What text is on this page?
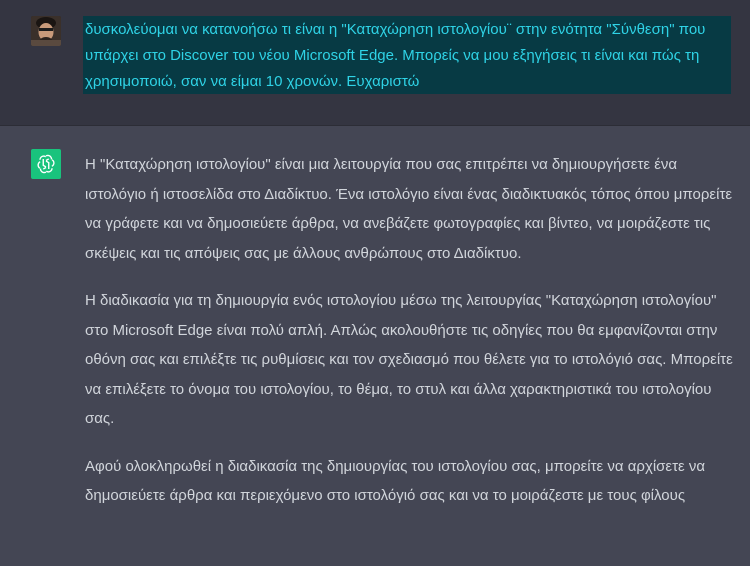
δυσκολεύομαι να κατανοήσω τι είναι η "Καταχώρηση ιστολογίου¨ στην ενότητα "Σύνθεση" που υπάρχει στο Discover του νέου Microsoft Edge. Μπορείς να μου εξηγήσεις τι είναι και πώς τη χρησιμοποιώ, σαν να είμαι 10 χρονών. Ευχαριστώ

Η "Καταχώρηση ιστολογίου" είναι μια λειτουργία που σας επιτρέπει να δημιουργήσετε ένα ιστολόγιο ή ιστοσελίδα στο Διαδίκτυο. Ένα ιστολόγιο είναι ένας διαδικτυακός τόπος όπου μπορείτε να γράφετε και να δημοσιεύετε άρθρα, να ανεβάζετε φωτογραφίες και βίντεο, να μοιράζεστε τις σκέψεις και τις απόψεις σας με άλλους ανθρώπους στο Διαδίκτυο.

Η διαδικασία για τη δημιουργία ενός ιστολογίου μέσω της λειτουργίας "Καταχώρηση ιστολογίου" στο Microsoft Edge είναι πολύ απλή. Απλώς ακολουθήστε τις οδηγίες που θα εμφανίζονται στην οθόνη σας και επιλέξτε τις ρυθμίσεις και τον σχεδιασμό που θέλετε για το ιστολόγιό σας. Μπορείτε να επιλέξετε το όνομα του ιστολογίου, το θέμα, το στυλ και άλλα χαρακτηριστικά του ιστολογίου σας.

Αφού ολοκληρωθεί η διαδικασία της δημιουργίας του ιστολογίου σας, μπορείτε να αρχίσετε να δημοσιεύετε άρθρα και περιεχόμενο στο ιστολόγιό σας και να το μοιράζεστε με τους φίλους
